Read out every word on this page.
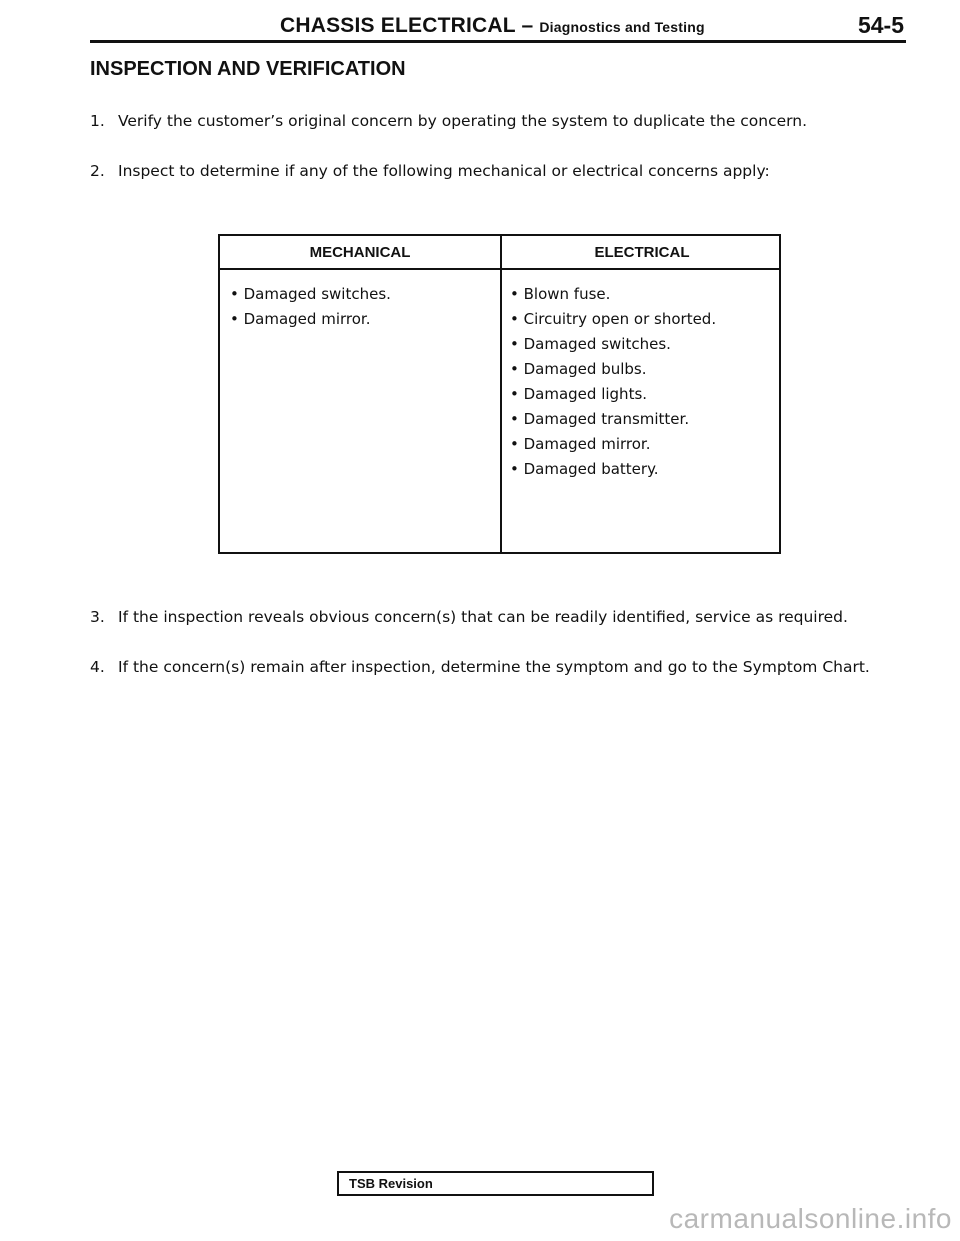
CHASSIS ELECTRICAL – Diagnostics and Testing	54-5
INSPECTION AND VERIFICATION
1. Verify the customer’s original concern by operating the system to duplicate the concern.
2. Inspect to determine if any of the following mechanical or electrical concerns apply:
MECHANICAL	ELECTRICAL
• Damaged switches.
• Damaged mirror.
• Blown fuse.
• Circuitry open or shorted.
• Damaged switches.
• Damaged bulbs.
• Damaged lights.
• Damaged transmitter.
• Damaged mirror.
• Damaged battery.
3. If the inspection reveals obvious concern(s) that can be readily identified, service as required.
4. If the concern(s) remain after inspection, determine the symptom and go to the Symptom Chart.
TSB Revision
carmanualsonline.info
